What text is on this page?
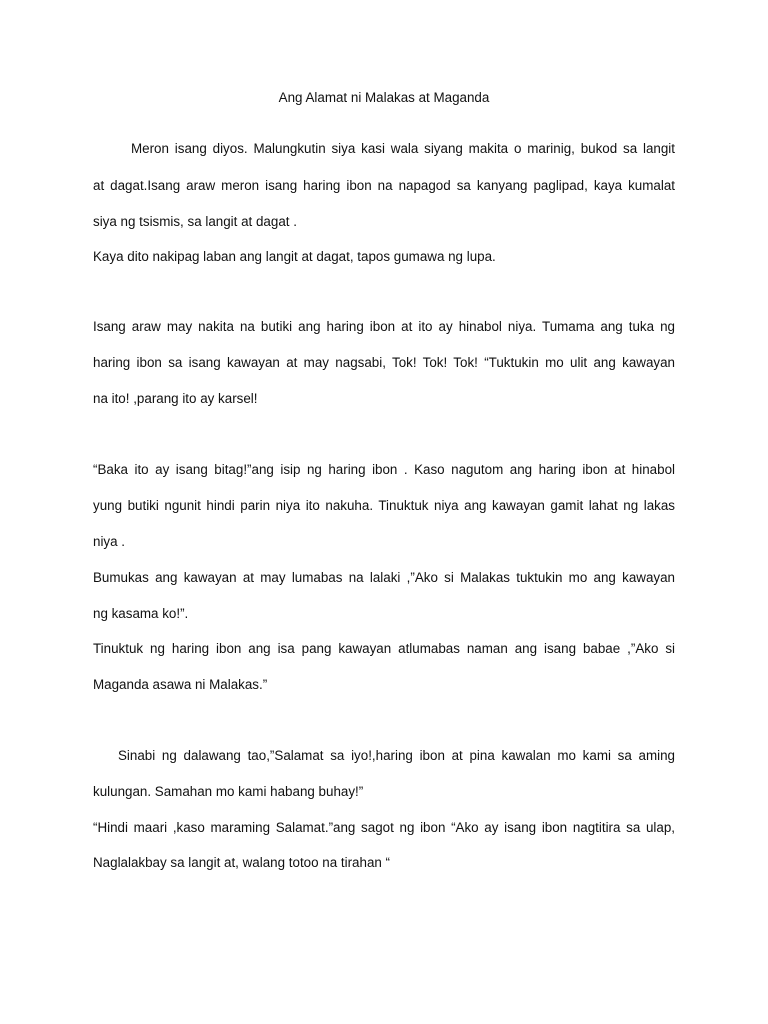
Ang Alamat ni Malakas at Maganda
Meron isang diyos. Malungkutin siya kasi wala siyang makita o marinig, bukod sa langit
at dagat.Isang araw meron isang haring ibon na napagod sa kanyang paglipad, kaya kumalat
siya ng tsismis, sa langit at dagat .
Kaya dito nakipag laban ang langit at dagat, tapos gumawa ng lupa.
Isang araw may nakita na butiki ang haring ibon at ito ay hinabol niya. Tumama ang tuka ng
haring ibon sa isang kawayan at may nagsabi, Tok! Tok! Tok! “Tuktukin mo ulit ang kawayan
na ito! ,parang ito ay karsel!
“Baka ito ay isang bitag!”ang isip ng haring ibon . Kaso nagutom ang haring ibon at hinabol
yung butiki ngunit hindi parin niya ito nakuha. Tinuktuk niya ang kawayan gamit lahat ng lakas
niya .
Bumukas ang kawayan at may lumabas na lalaki ,”Ako si Malakas tuktukin mo ang kawayan
ng kasama ko!”.
Tinuktuk ng haring ibon ang isa pang kawayan atlumabas naman ang isang babae ,”Ako si
Maganda asawa ni Malakas.”
Sinabi ng dalawang tao,”Salamat sa iyo!,haring ibon at pina kawalan mo kami sa aming
kulungan. Samahan mo kami habang buhay!”
“Hindi maari ,kaso maraming Salamat.”ang sagot ng ibon “Ako ay isang ibon nagtitira sa ulap,
Naglalakbay sa langit at, walang totoo na tirahan “
